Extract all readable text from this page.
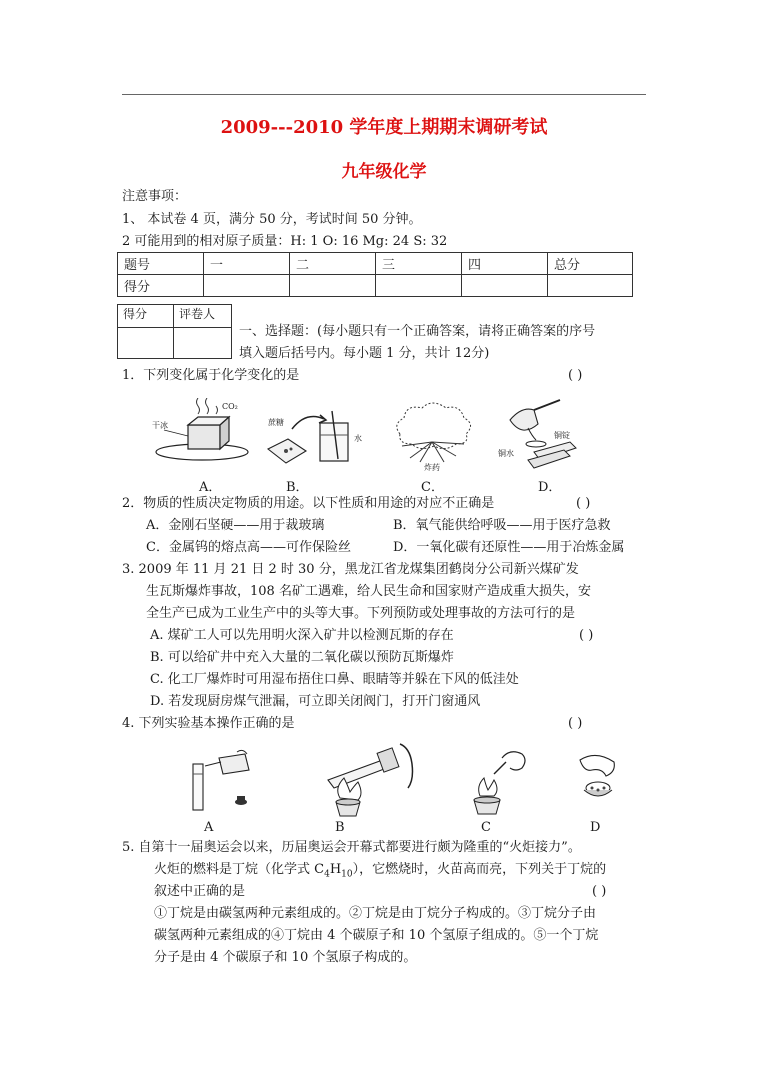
2009---2010 学年度上期期末调研考试
九年级化学
注意事项：
1、 本试卷 4 页，满分 50 分，考试时间 50 分钟。
2 可能用到的相对原子质量：H: 1 O: 16 Mg: 24 S: 32
题号	一	二	三	四	总分
得分					
得分	评卷人

一、选择题：(每小题只有一个正确答案，请将正确答案的序号
填入题后括号内。每小题 1 分，共计 12分)
1．下列变化属于化学变化的是	( )
CO₂
干冰	蔗糖
水
炸药
铜水
铜锭
A．	B．	C．	D．
2．物质的性质决定物质的用途。以下性质和用途的对应不正确是	( )
A．金刚石坚硬——用于裁玻璃	B．氧气能供给呼吸——用于医疗急救
C．金属钨的熔点高——可作保险丝	D．一氧化碳有还原性——用于冶炼金属
3. 2009 年 11 月 21 日 2 时 30 分，黑龙江省龙煤集团鹤岗分公司新兴煤矿发
生瓦斯爆炸事故，108 名矿工遇难，给人民生命和国家财产造成重大损失，安
全生产已成为工业生产中的头等大事。下列预防或处理事故的方法可行的是
A. 煤矿工人可以先用明火深入矿井以检测瓦斯的存在	( )
B. 可以给矿井中充入大量的二氧化碳以预防瓦斯爆炸
C. 化工厂爆炸时可用湿布捂住口鼻、眼睛等并躲在下风的低洼处
D. 若发现厨房煤气泄漏，可立即关闭阀门，打开门窗通风
4. 下列实验基本操作正确的是	( )
A	B	C	D
5. 自第十一届奥运会以来，历届奥运会开幕式都要进行颇为隆重的“火炬接力”。
火炬的燃料是丁烷（化学式 $C_4H_{10}$），它燃烧时，火苗高而亮，下列关于丁烷的
叙述中正确的是	( )
①丁烷是由碳氢两种元素组成的。②丁烷是由丁烷分子构成的。③丁烷分子由
碳氢两种元素组成的④丁烷由 4 个碳原子和 10 个氢原子组成的。⑤一个丁烷
分子是由 4 个碳原子和 10 个氢原子构成的。
